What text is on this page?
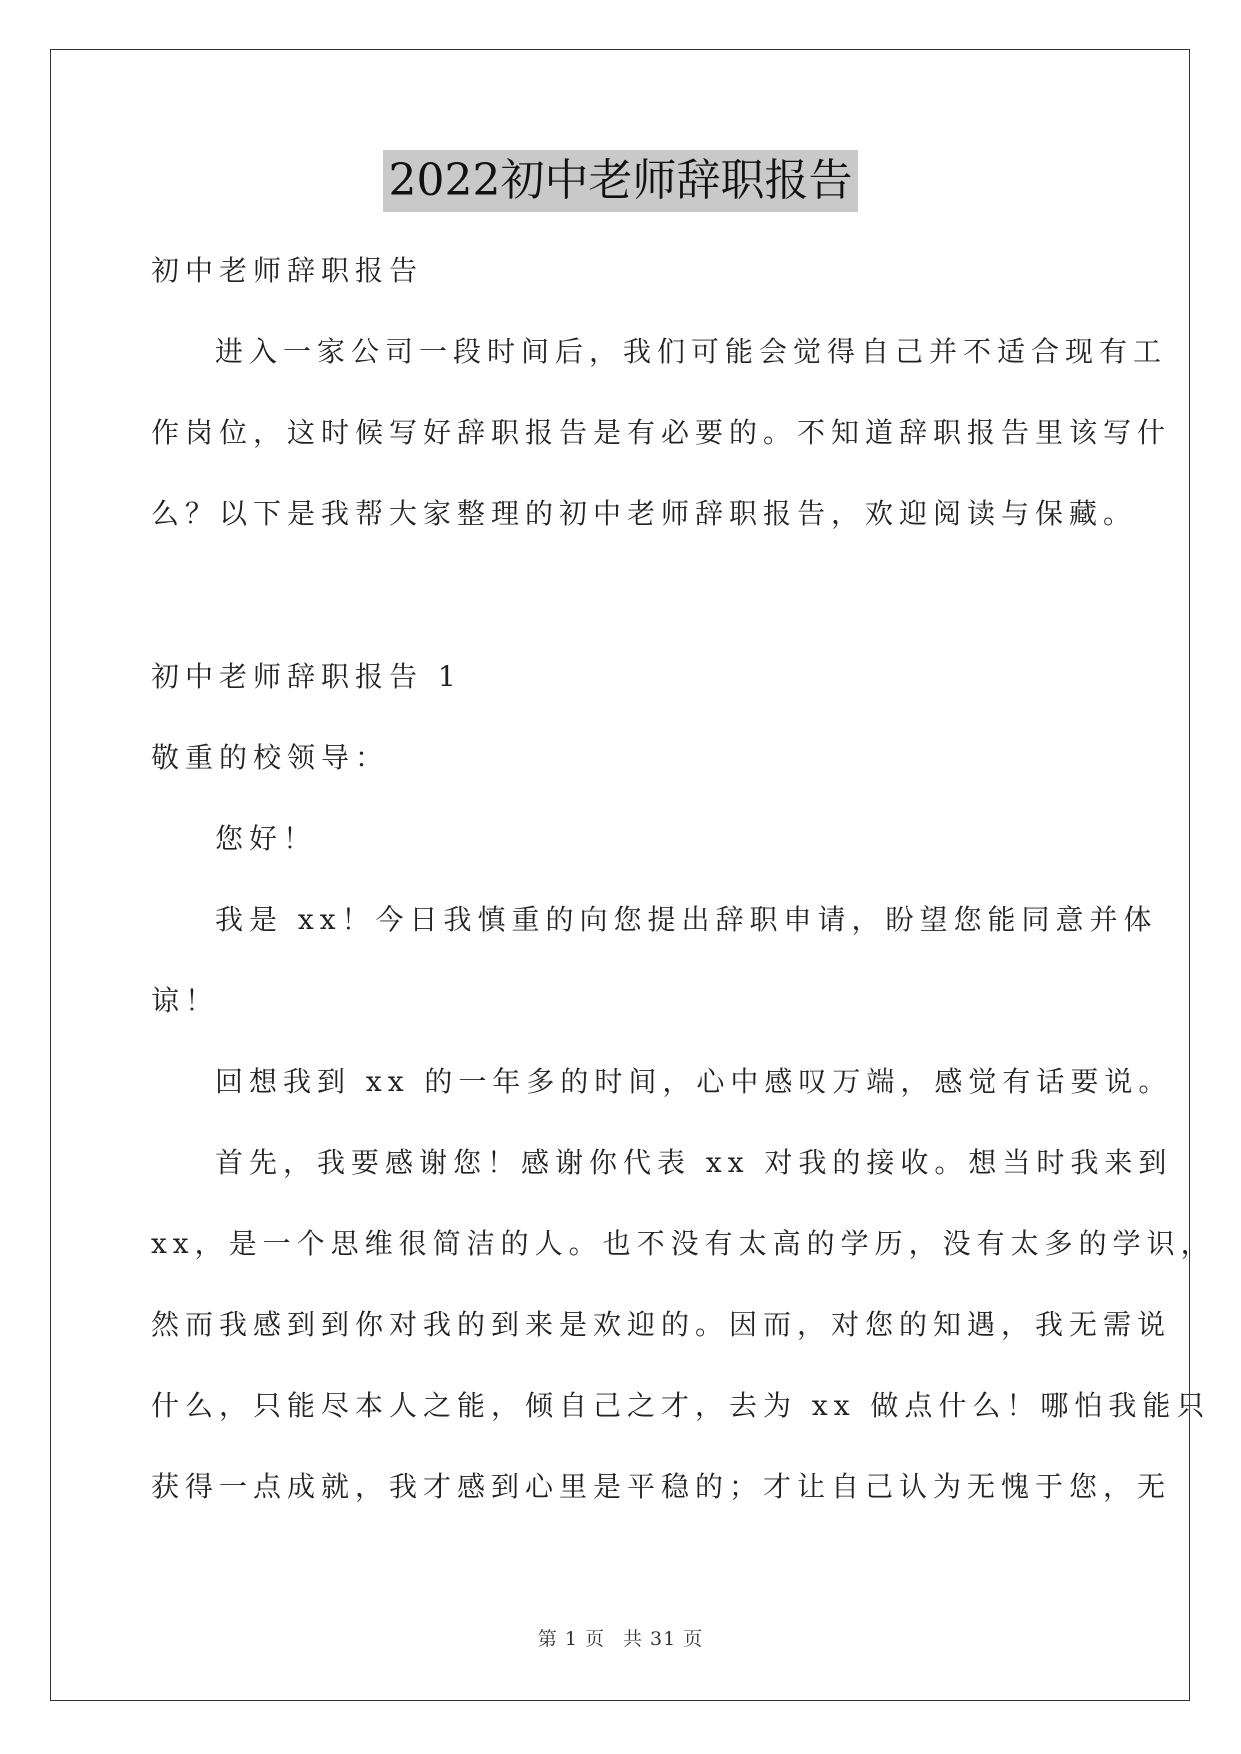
2022初中老师辞职报告
初中老师辞职报告
进入一家公司一段时间后，我们可能会觉得自己并不适合现有工
作岗位，这时候写好辞职报告是有必要的。不知道辞职报告里该写什
么？以下是我帮大家整理的初中老师辞职报告，欢迎阅读与保藏。
初中老师辞职报告 1
敬重的校领导：
您好！
我是 xx！今日我慎重的向您提出辞职申请，盼望您能同意并体
谅！
回想我到 xx 的一年多的时间，心中感叹万端，感觉有话要说。
首先，我要感谢您！感谢你代表 xx 对我的接收。想当时我来到
xx，是一个思维很简洁的人。也不没有太高的学历，没有太多的学识，
然而我感到到你对我的到来是欢迎的。因而，对您的知遇，我无需说
什么，只能尽本人之能，倾自己之才，去为 xx 做点什么！哪怕我能只
获得一点成就，我才感到心里是平稳的；才让自己认为无愧于您，无
第 1 页 共 31 页
